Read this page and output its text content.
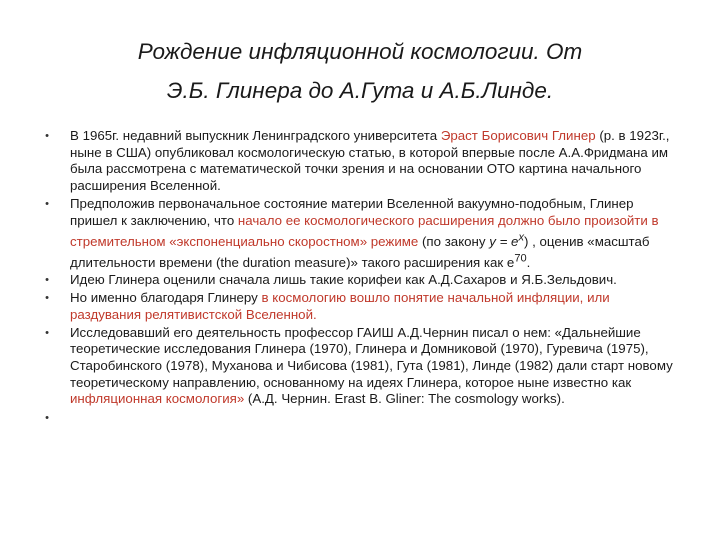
Рождение инфляционной космологии. От
Э.Б. Глинера до А.Гута и А.Б.Линде.
•	В 1965г. недавний выпускник Ленинградского университета Эраст Борисович Глинер (р. в 1923г., ныне в США) опубликовал космологическую статью, в которой впервые после А.А.Фридмана им была рассмотрена с математической точки зрения и на основании ОТО картина начального расширения Вселенной.
•	Предположив первоначальное состояние материи Вселенной вакуумно-подобным, Глинер пришел к заключению, что начало ее космологического расширения должно было произойти в стремительном «экспоненциально скоростном» режиме (по закону $y = e^x$) , оценив «масштаб длительности времени (the duration measure)» такого расширения как $e^{70}$.
•	Идею Глинера оценили сначала лишь такие корифеи как А.Д.Сахаров и Я.Б.Зельдович.
•	Но именно благодаря Глинеру в космологию вошло понятие начальной инфляции, или раздувания релятивистской Вселенной.
•	Исследовавший его деятельность профессор ГАИШ А.Д.Чернин писал о нем: «Дальнейшие теоретические исследования Глинера (1970), Глинера и Домниковой (1970), Гуревича (1975), Старобинского (1978), Муханова и Чибисова (1981), Гута (1981), Линде (1982) дали старт новому теоретическому направлению, основанному на идеях Глинера, которое ныне известно как инфляционная космология» (А.Д. Чернин. Erast B. Gliner: The cosmology works).
•
